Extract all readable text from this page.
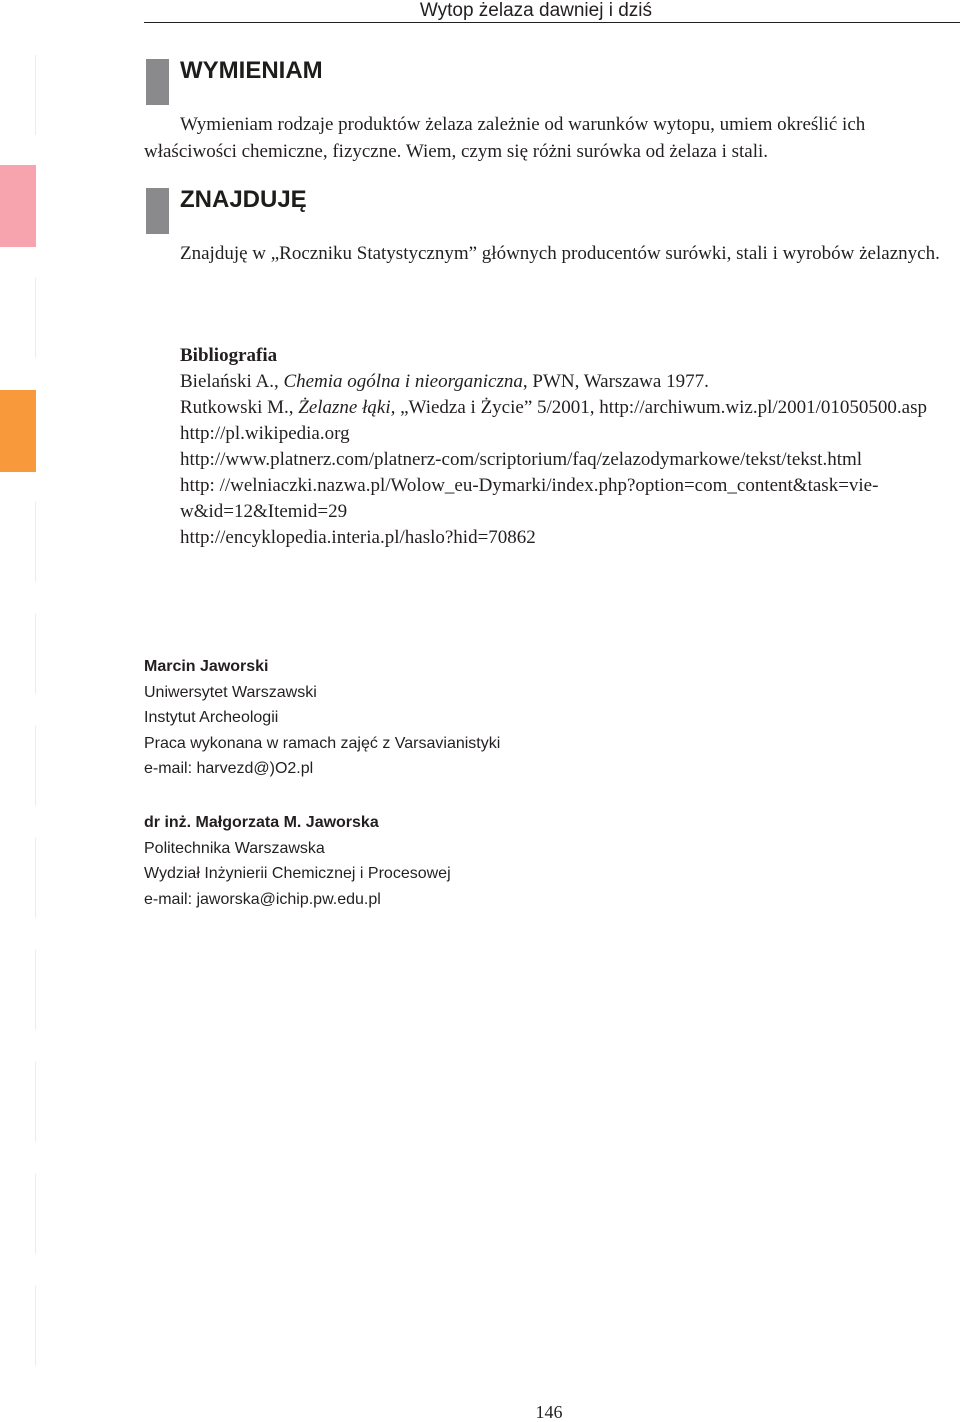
Wytop żelaza dawniej i dziś
WYMIENIAM
Wymieniam rodzaje produktów żelaza zależnie od warunków wytopu, umiem określić ich
właściwości chemiczne, fizyczne. Wiem, czym się różni surówka od żelaza i stali.
ZNAJDUJĘ
Znajduję w „Roczniku Statystycznym” głównych producentów surówki, stali i wyrobów żelaznych.
Bibliografia
Bielański A., Chemia ogólna i nieorganiczna, PWN, Warszawa 1977.
Rutkowski M., Żelazne łąki, „Wiedza i Życie” 5/2001, http://archiwum.wiz.pl/2001/01050500.asp
http://pl.wikipedia.org
http://www.platnerz.com/platnerz-com/scriptorium/faq/zelazodymarkowe/tekst/tekst.html
http: //welniaczki.nazwa.pl/Wolow_eu-Dymarki/index.php?option=com_content&task=vie-
w&id=12&Itemid=29
http://encyklopedia.interia.pl/haslo?hid=70862
Marcin Jaworski
Uniwersytet Warszawski
Instytut Archeologii
Praca wykonana w ramach zajęć z Varsavianistyki
e-mail: harvezd@)O2.pl
dr inż. Małgorzata M. Jaworska
Politechnika Warszawska
Wydział Inżynierii Chemicznej i Procesowej
e-mail: jaworska@ichip.pw.edu.pl
146
